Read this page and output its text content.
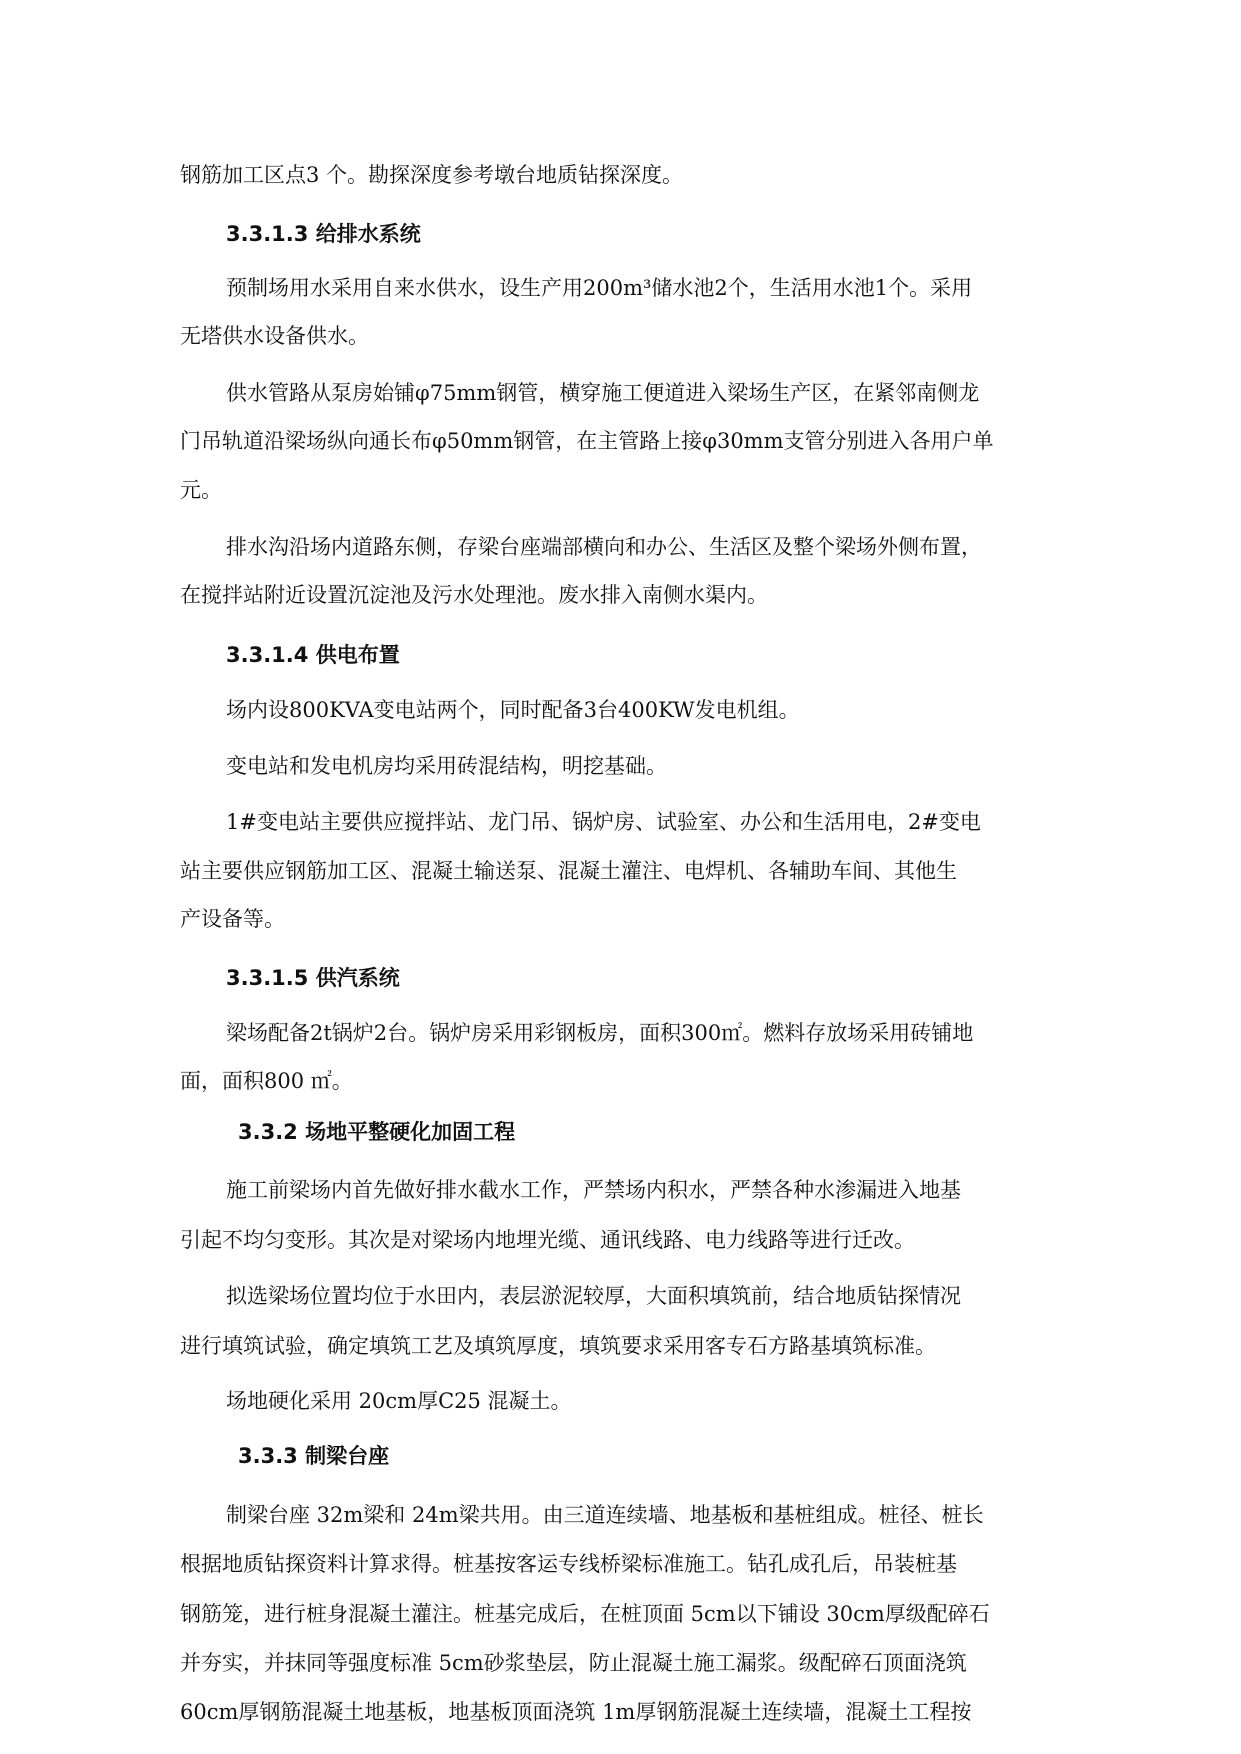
钢筋加工区点3 个。勘探深度参考墩台地质钻探深度。
3.3.1.3 给排水系统
预制场用水采用自来水供水，设生产用200m³储水池2个，生活用水池1个。采用
无塔供水设备供水。
供水管路从泵房始铺φ75mm钢管，横穿施工便道进入梁场生产区，在紧邻南侧龙
门吊轨道沿梁场纵向通长布φ50mm钢管，在主管路上接φ30mm支管分别进入各用户单
元。
排水沟沿场内道路东侧，存梁台座端部横向和办公、生活区及整个梁场外侧布置，
在搅拌站附近设置沉淀池及污水处理池。废水排入南侧水渠内。
3.3.1.4 供电布置
场内设800KVA变电站两个，同时配备3台400KW发电机组。
变电站和发电机房均采用砖混结构，明挖基础。
1#变电站主要供应搅拌站、龙门吊、锅炉房、试验室、办公和生活用电，2#变电
站主要供应钢筋加工区、混凝土输送泵、混凝土灌注、电焊机、各辅助车间、其他生
产设备等。
3.3.1.5 供汽系统
梁场配备2t锅炉2台。锅炉房采用彩钢板房，面积300㎡。燃料存放场采用砖铺地
面，面积800 ㎡。
3.3.2 场地平整硬化加固工程
施工前梁场内首先做好排水截水工作，严禁场内积水，严禁各种水渗漏进入地基
引起不均匀变形。其次是对梁场内地埋光缆、通讯线路、电力线路等进行迁改。
拟选梁场位置均位于水田内，表层淤泥较厚，大面积填筑前，结合地质钻探情况
进行填筑试验，确定填筑工艺及填筑厚度，填筑要求采用客专石方路基填筑标准。
场地硬化采用 20cm厚C25 混凝土。
3.3.3 制梁台座
制梁台座 32m梁和 24m梁共用。由三道连续墙、地基板和基桩组成。桩径、桩长
根据地质钻探资料计算求得。桩基按客运专线桥梁标准施工。钻孔成孔后，吊装桩基
钢筋笼，进行桩身混凝土灌注。桩基完成后，在桩顶面 5cm以下铺设 30cm厚级配碎石
并夯实，并抹同等强度标准 5cm砂浆垫层，防止混凝土施工漏浆。级配碎石顶面浇筑
60cm厚钢筋混凝土地基板，地基板顶面浇筑 1m厚钢筋混凝土连续墙，混凝土工程按
